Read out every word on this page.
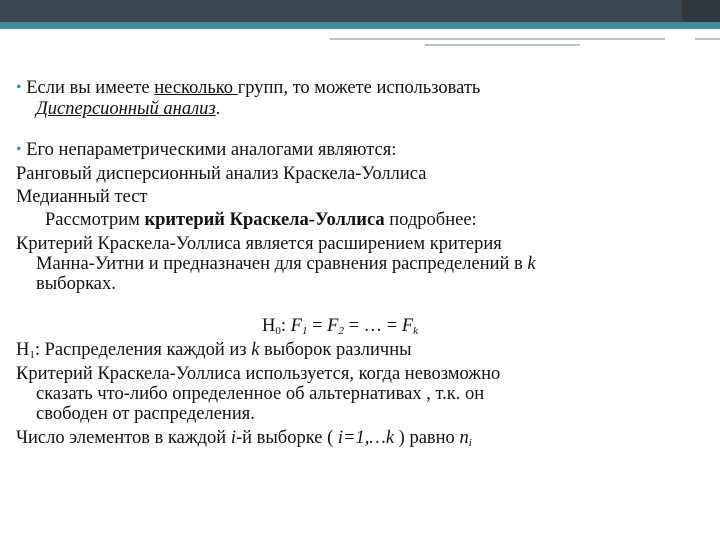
• Если вы имеете несколько групп, то можете использовать
Дисперсионный анализ.
• Его непараметрическими аналогами являются:
Ранговый дисперсионный анализ Краскела-Уоллиса
Медианный тест
Рассмотрим критерий Краскела-Уоллиса подробнее:
Критерий Краскела-Уоллиса является расширением критерия
Манна-Уитни и предназначен для сравнения распределений в k
выборках.
$H_0$: $F_1 = F_2$ = … = $F_k$
$H_1$: Распределения каждой из k выборок различны
Критерий Краскела-Уоллиса используется, когда невозможно
сказать что-либо определенное об альтернативах , т.к. он
свободен от распределения.
Число элементов в каждой i-й выборке ( i=1,…k ) равно $n_i$
